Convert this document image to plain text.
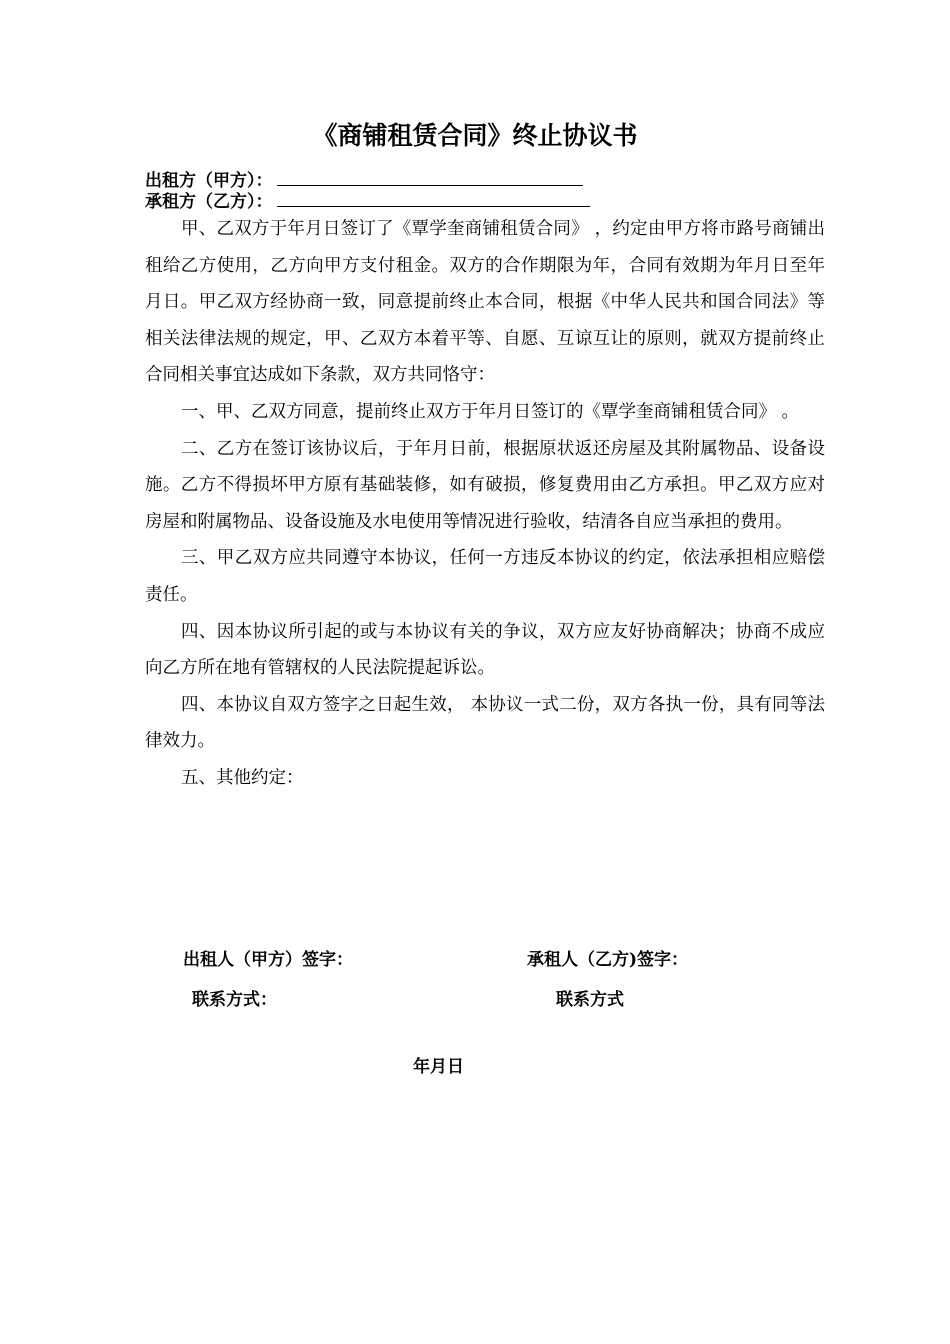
《商铺租赁合同》终止协议书
出租方（甲方）：
承租方（乙方）：

甲、乙双方于年月日签订了《覃学奎商铺租赁合同》 ，约定由甲方将市路号商铺出租给乙方使用，乙方向甲方支付租金。双方的合作期限为年，合同有效期为年月日至年月日。甲乙双方经协商一致，同意提前终止本合同，根据《中华人民共和国合同法》等相关法律法规的规定，甲、乙双方本着平等、自愿、互谅互让的原则，就双方提前终止合同相关事宜达成如下条款，双方共同恪守：

一、甲、乙双方同意，提前终止双方于年月日签订的《覃学奎商铺租赁合同》 。

二、乙方在签订该协议后，于年月日前，根据原状返还房屋及其附属物品、设备设施。乙方不得损坏甲方原有基础装修，如有破损，修复费用由乙方承担。甲乙双方应对房屋和附属物品、设备设施及水电使用等情况进行验收，结清各自应当承担的费用。

三、甲乙双方应共同遵守本协议，任何一方违反本协议的约定，依法承担相应赔偿责任。

四、因本协议所引起的或与本协议有关的争议，双方应友好协商解决；协商不成应向乙方所在地有管辖权的人民法院提起诉讼。

四、本协议自双方签字之日起生效， 本协议一式二份，双方各执一份，具有同等法律效力。

五、其他约定：

出租人（甲方）签字：	承租人（乙方)签字：
联系方式：	联系方式
年月日
